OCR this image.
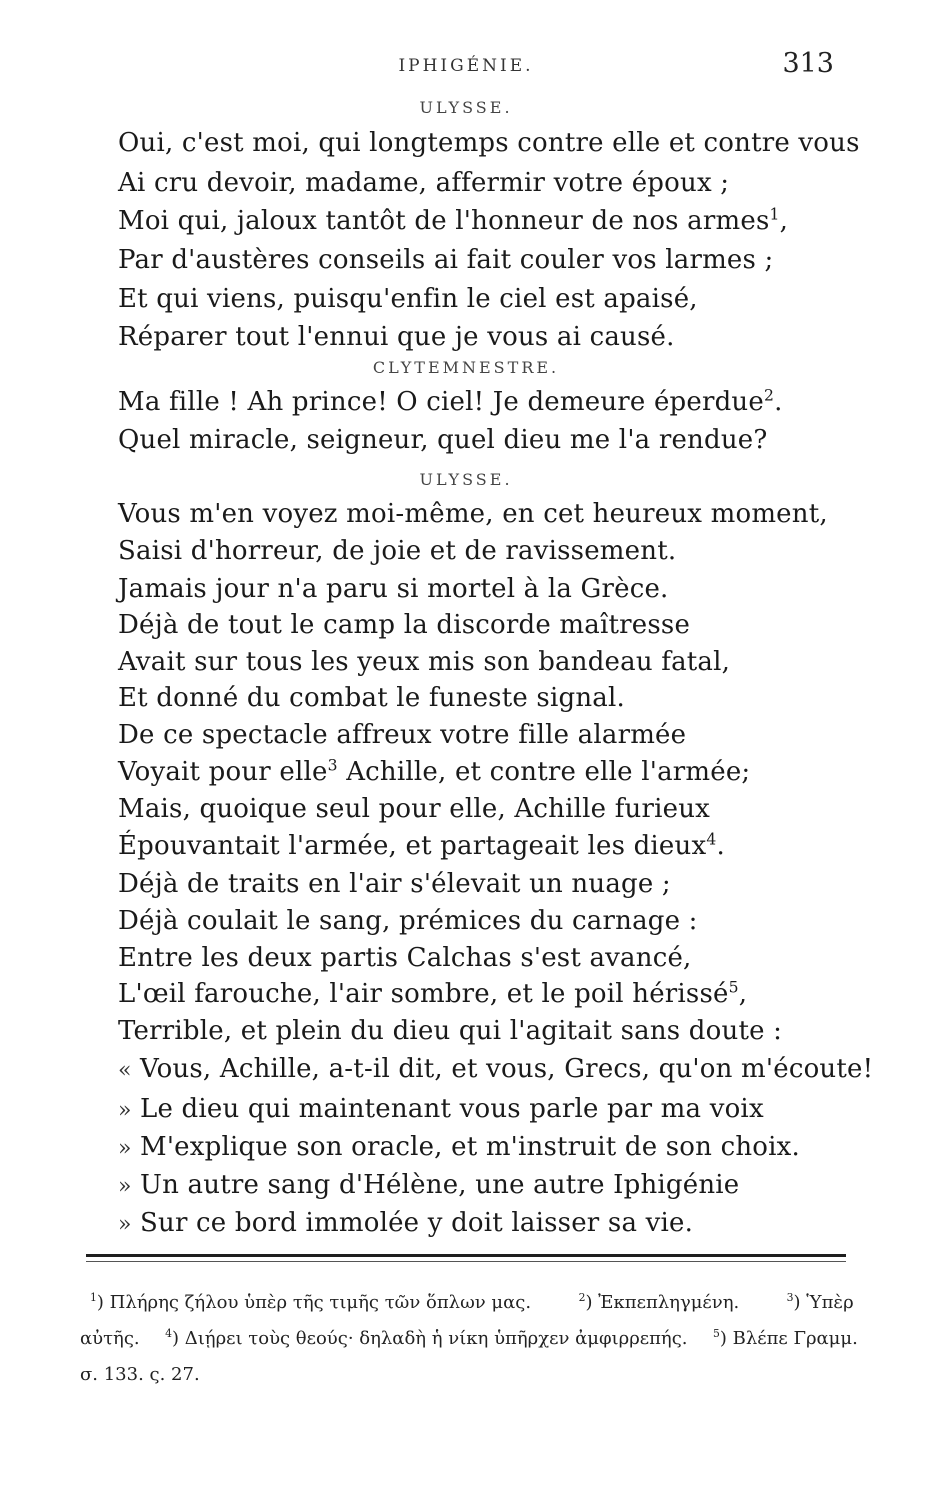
IPHIGÉNIE.	313
ULYSSE.
Oui, c'est moi, qui longtemps contre elle et contre vous
Ai cru devoir, madame, affermir votre époux ;
Moi qui, jaloux tantôt de l'honneur de nos armes$^1$,
Par d'austères conseils ai fait couler vos larmes ;
Et qui viens, puisqu'enfin le ciel est apaisé,
Réparer tout l'ennui que je vous ai causé.
CLYTEMNESTRE.
Ma fille ! Ah prince! O ciel! Je demeure éperdue$^2$.
Quel miracle, seigneur, quel dieu me l'a rendue?
ULYSSE.
Vous m'en voyez moi-même, en cet heureux moment,
Saisi d'horreur, de joie et de ravissement.
Jamais jour n'a paru si mortel à la Grèce.
Déjà de tout le camp la discorde maîtresse
Avait sur tous les yeux mis son bandeau fatal,
Et donné du combat le funeste signal.
De ce spectacle affreux votre fille alarmée
Voyait pour elle$^3$ Achille, et contre elle l'armée;
Mais, quoique seul pour elle, Achille furieux
Épouvantait l'armée, et partageait les dieux$^4$.
Déjà de traits en l'air s'élevait un nuage ;
Déjà coulait le sang, prémices du carnage :
Entre les deux partis Calchas s'est avancé,
L'œil farouche, l'air sombre, et le poil hérissé$^5$,
Terrible, et plein du dieu qui l'agitait sans doute :
« Vous, Achille, a-t-il dit, et vous, Grecs, qu'on m'écoute!
» Le dieu qui maintenant vous parle par ma voix
» M'explique son oracle, et m'instruit de son choix.
» Un autre sang d'Hélène, une autre Iphigénie
» Sur ce bord immolée y doit laisser sa vie.
$^1$) Πλήρης ζήλου ὑπὲρ τῆς τιμῆς τῶν ὅπλων μας.	$^2$) Ἐκπεπληγμένη.	$^3$) Ὑπὲρ
αὐτῆς. $^4$) Διῄρει τοὺς θεούς· δηλαδὴ ἡ νίκη ὑπῆρχεν ἀμφιρρεπής. $^5$) Βλέπε Γραμμ.
σ. 133. ς. 27.
